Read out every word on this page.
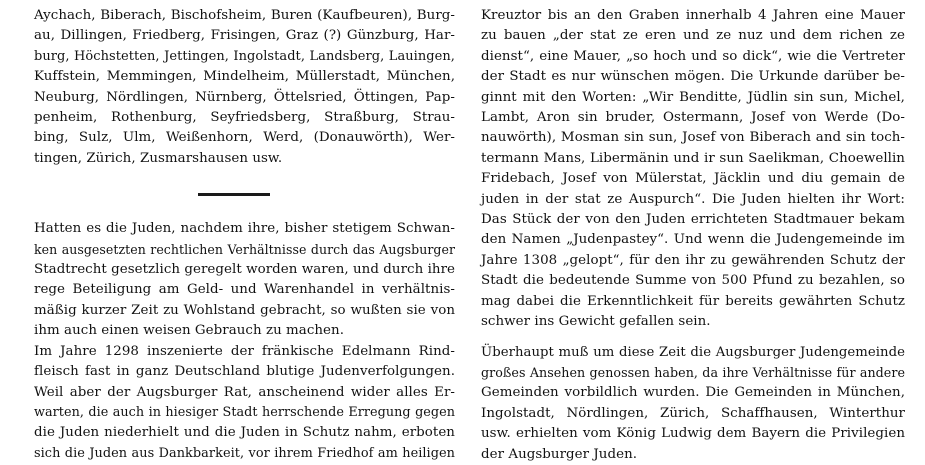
Aychach, Biberach, Bischofsheim, Buren (Kaufbeuren), Burg-

au, Dillingen, Friedberg, Frisingen, Graz (?) Günzburg, Har-

burg, Höchstetten, Jettingen, Ingolstadt, Landsberg, Lauingen,

Kuffstein, Memmingen, Mindelheim, Müllerstadt, München,

Neuburg, Nördlingen, Nürnberg, Öttelsried, Öttingen, Pap-

penheim, Rothenburg, Seyfriedsberg, Straßburg, Strau-

bing, Sulz, Ulm, Weißenhorn, Werd, (Donauwörth), Wer-

tingen, Zürich, Zusmarshausen usw.

Hatten es die Juden, nachdem ihre, bisher stetigem Schwan-

ken ausgesetzten rechtlichen Verhältnisse durch das Augsburger

Stadtrecht gesetzlich geregelt worden waren, und durch ihre

rege Beteiligung am Geld- und Warenhandel in verhältnis-

mäßig kurzer Zeit zu Wohlstand gebracht, so wußten sie von

ihm auch einen weisen Gebrauch zu machen.

Im Jahre 1298 inszenierte der fränkische Edelmann Rind-

fleisch fast in ganz Deutschland blutige Judenverfolgungen.

Weil aber der Augsburger Rat, anscheinend wider alles Er-

warten, die auch in hiesiger Stadt herrschende Erregung gegen

die Juden niederhielt und die Juden in Schutz nahm, erboten

sich die Juden aus Dankbarkeit, vor ihrem Friedhof am heiligen

Kreuztor bis an den Graben innerhalb 4 Jahren eine Mauer

zu bauen „der stat ze eren und ze nuz und dem richen ze

dienst“, eine Mauer, „so hoch und so dick“, wie die Vertreter

der Stadt es nur wünschen mögen. Die Urkunde darüber be-

ginnt mit den Worten: „Wir Benditte, Jüdlin sin sun, Michel,

Lambt, Aron sin bruder, Ostermann, Josef von Werde (Do-

nauwörth), Mosman sin sun, Josef von Biberach and sin toch-

termann Mans, Libermänin und ir sun Saelikman, Choewellin

Fridebach, Josef von Mülerstat, Jäcklin und diu gemain de

juden in der stat ze Auspurch“. Die Juden hielten ihr Wort:

Das Stück der von den Juden errichteten Stadtmauer bekam

den Namen „Judenpastey“. Und wenn die Judengemeinde im

Jahre 1308 „gelopt“, für den ihr zu gewährenden Schutz der

Stadt die bedeutende Summe von 500 Pfund zu bezahlen, so

mag dabei die Erkenntlichkeit für bereits gewährten Schutz

schwer ins Gewicht gefallen sein.

Überhaupt muß um diese Zeit die Augsburger Judengemeinde

großes Ansehen genossen haben, da ihre Verhältnisse für andere

Gemeinden vorbildlich wurden. Die Gemeinden in München,

Ingolstadt, Nördlingen, Zürich, Schaffhausen, Winterthur

usw. erhielten vom König Ludwig dem Bayern die Privilegien

der Augsburger Juden.
